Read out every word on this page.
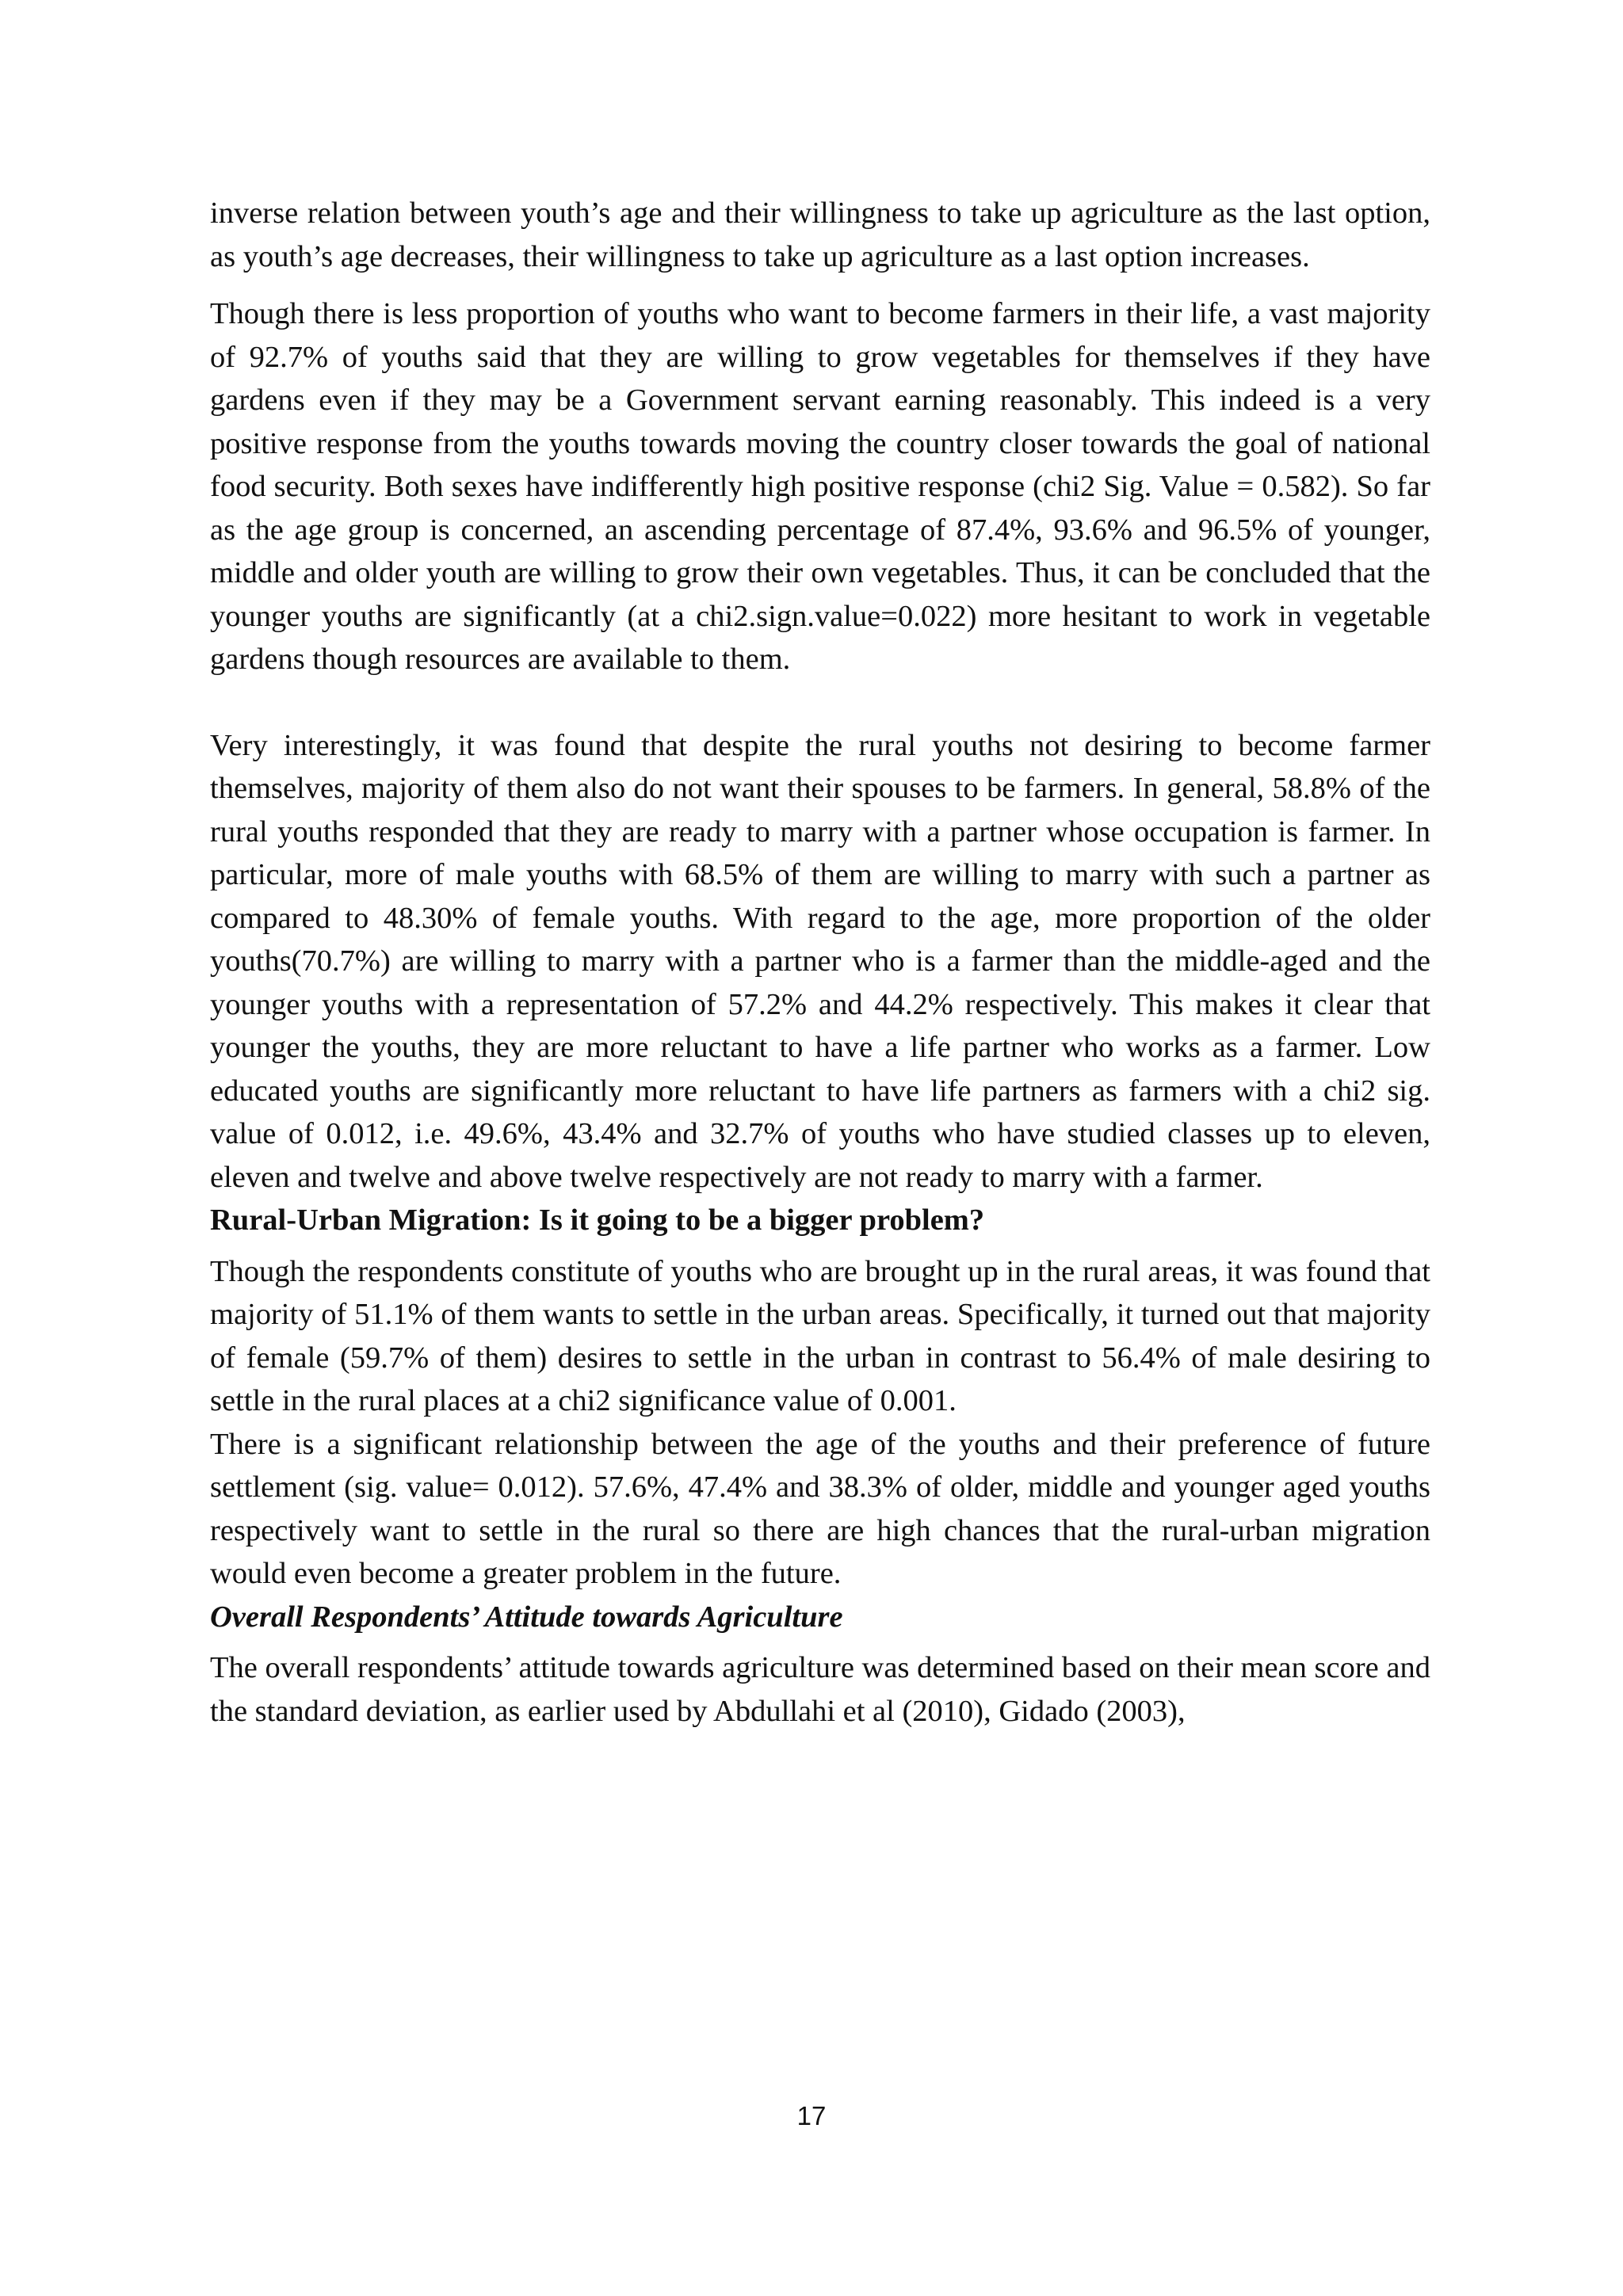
inverse relation between youth’s age and their willingness to take up agriculture as the last option, as youth’s age decreases, their willingness to take up agriculture as a last option increases.

Though there is less proportion of youths who want to become farmers in their life, a vast majority of 92.7% of youths said that they are willing to grow vegetables for themselves if they have gardens even if they may be a Government servant earning reasonably. This indeed is a very positive response from the youths towards moving the country closer towards the goal of national food security. Both sexes have indifferently high positive response (chi2 Sig. Value = 0.582). So far as the age group is concerned, an ascending percentage of 87.4%, 93.6% and 96.5% of younger, middle and older youth are willing to grow their own vegetables. Thus, it can be concluded that the younger youths are significantly (at a chi2.sign.value=0.022) more hesitant to work in vegetable gardens though resources are available to them.

Very interestingly, it was found that despite the rural youths not desiring to become farmer themselves, majority of them also do not want their spouses to be farmers. In general, 58.8% of the rural youths responded that they are ready to marry with a partner whose occupation is farmer. In particular, more of male youths with 68.5% of them are willing to marry with such a partner as compared to 48.30% of female youths. With regard to the age, more proportion of the older youths(70.7%) are willing to marry with a partner who is a farmer than the middle-aged and the younger youths with a representation of 57.2% and 44.2% respectively. This makes it clear that younger the youths, they are more reluctant to have a life partner who works as a farmer. Low educated youths are significantly more reluctant to have life partners as farmers with a chi2 sig. value of 0.012, i.e. 49.6%, 43.4% and 32.7% of youths who have studied classes up to eleven, eleven and twelve and above twelve respectively are not ready to marry with a farmer.

Rural-Urban Migration: Is it going to be a bigger problem?

Though the respondents constitute of youths who are brought up in the rural areas, it was found that majority of 51.1% of them wants to settle in the urban areas. Specifically, it turned out that majority of female (59.7% of them) desires to settle in the urban in contrast to 56.4% of male desiring to settle in the rural places at a chi2 significance value of 0.001.

There is a significant relationship between the age of the youths and their preference of future settlement (sig. value= 0.012). 57.6%, 47.4% and 38.3% of older, middle and younger aged youths respectively want to settle in the rural so there are high chances that the rural-urban migration would even become a greater problem in the future.

Overall Respondents’ Attitude towards Agriculture

The overall respondents’ attitude towards agriculture was determined based on their mean score and the standard deviation, as earlier used by Abdullahi et al (2010), Gidado (2003),

17
